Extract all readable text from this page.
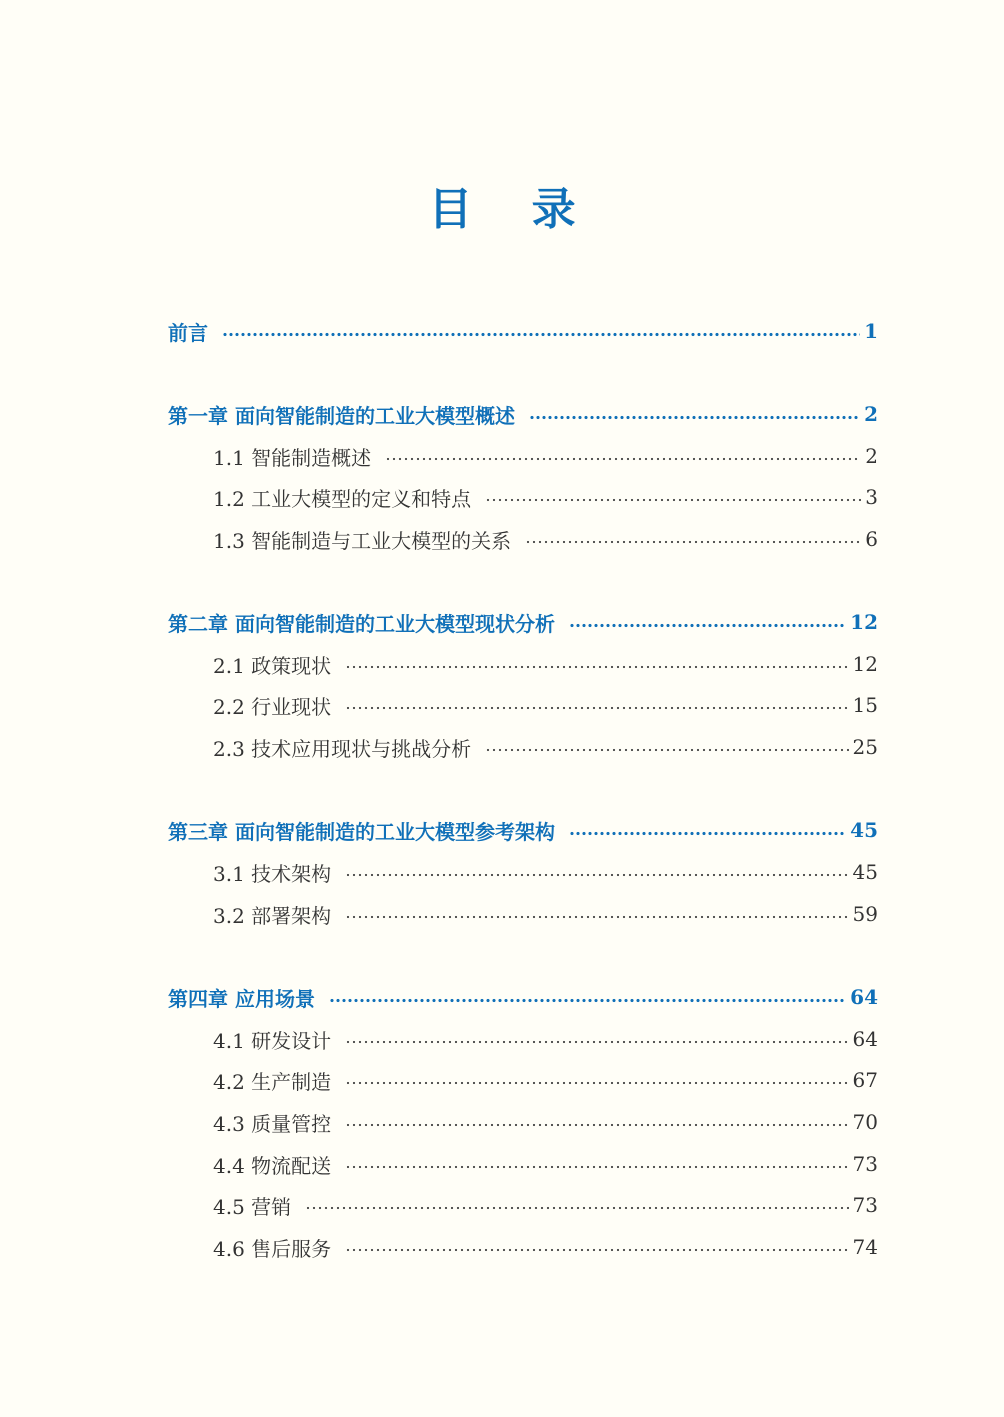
目 录
前言	1
第一章 面向智能制造的工业大模型概述	2
1.1 智能制造概述	2
1.2 工业大模型的定义和特点	3
1.3 智能制造与工业大模型的关系	6
第二章 面向智能制造的工业大模型现状分析	12
2.1 政策现状	12
2.2 行业现状	15
2.3 技术应用现状与挑战分析	25
第三章 面向智能制造的工业大模型参考架构	45
3.1 技术架构	45
3.2 部署架构	59
第四章 应用场景	64
4.1 研发设计	64
4.2 生产制造	67
4.3 质量管控	70
4.4 物流配送	73
4.5 营销	73
4.6 售后服务	74
